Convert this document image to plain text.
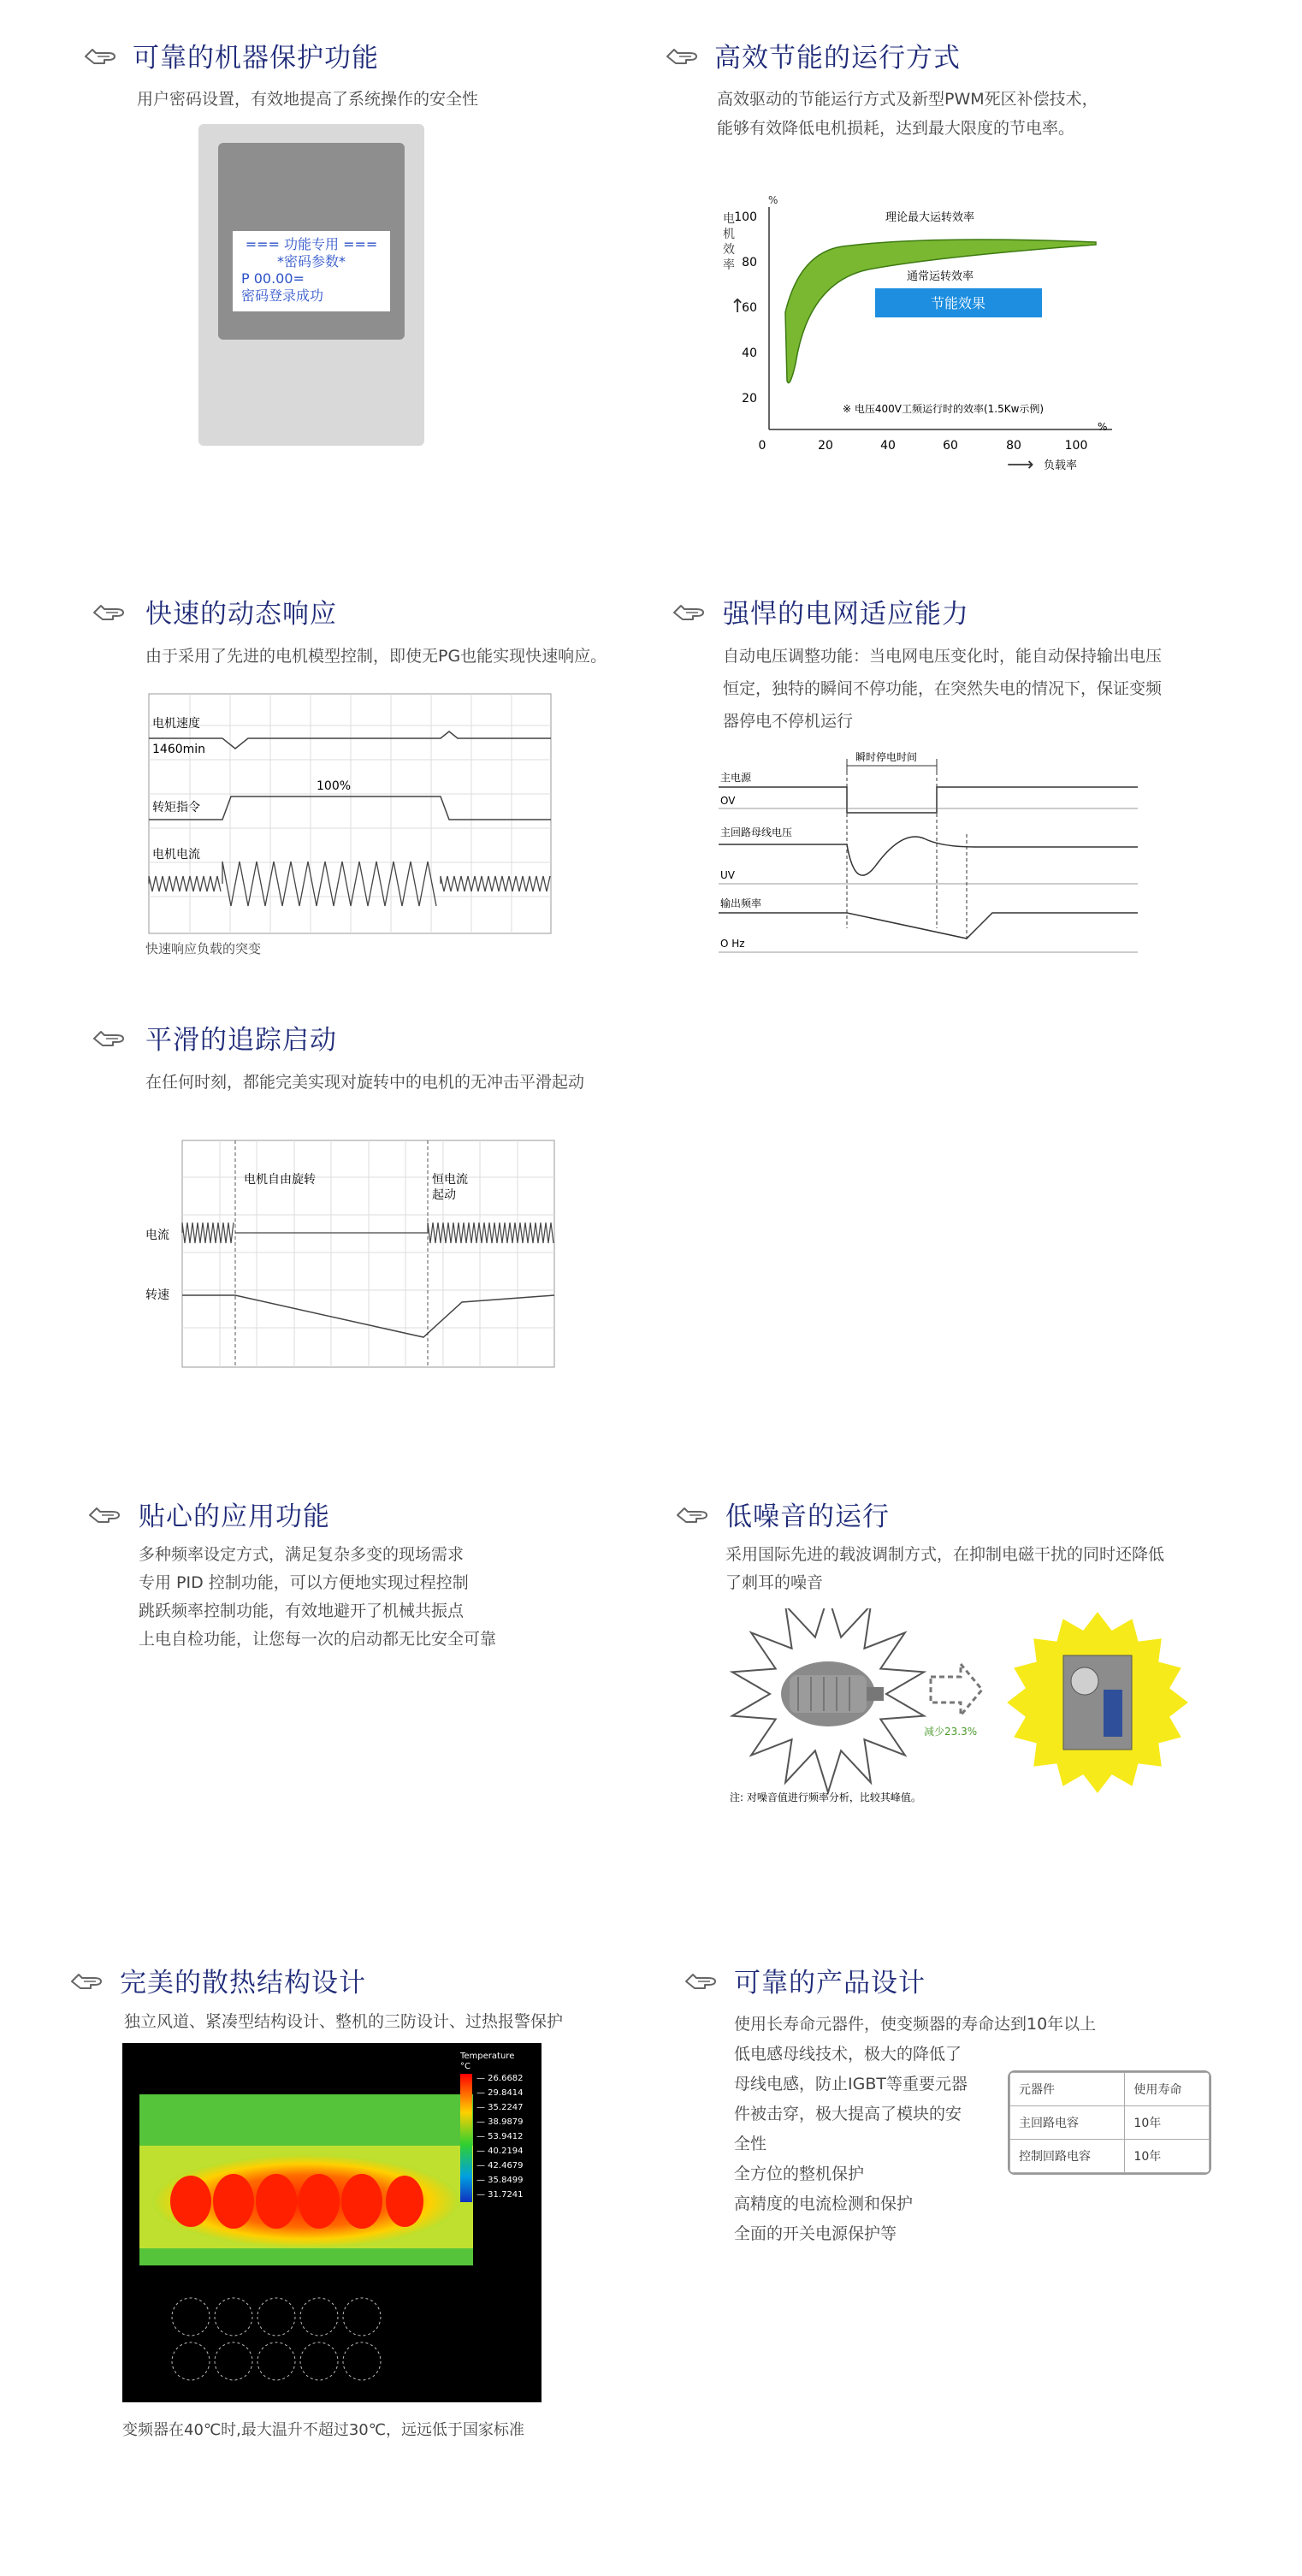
可靠的机器保护功能
用户密码设置，有效地提高了系统操作的安全性
=== 功能专用 ===
*密码参数*
P 00.00=
密码登录成功
高效节能的运行方式
高效驱动的节能运行方式及新型PWM死区补偿技术，
能够有效降低电机损耗，达到最大限度的节电率。
电
机
效
率
↑
%
100
80
60
40
20
0	20	40	60	80	100
%
⟶ 负载率
理论最大运转效率
通常运转效率
节能效果
※ 电压400V工频运行时的效率(1.5Kw示例)
快速的动态响应
由于采用了先进的电机模型控制，即使无PG也能实现快速响应。
电机速度
1460min
100%
转矩指令
电机电流
快速响应负载的突变
强悍的电网适应能力
自动电压调整功能：当电网电压变化时，能自动保持输出电压
恒定，独特的瞬间不停功能，在突然失电的情况下，保证变频
器停电不停机运行
瞬时停电时间
主电源
OV
主回路母线电压
UV
输出频率
O Hz
平滑的追踪启动
在任何时刻，都能完美实现对旋转中的电机的无冲击平滑起动
电机自由旋转	恒电流
起动
电流
转速
贴心的应用功能
多种频率设定方式，满足复杂多变的现场需求
专用 PID 控制功能，可以方便地实现过程控制
跳跃频率控制功能，有效地避开了机械共振点
上电自检功能，让您每一次的启动都无比安全可靠
低噪音的运行
采用国际先进的载波调制方式，在抑制电磁干扰的同时还降低
了刺耳的噪音
减少23.3%
注: 对噪音值进行频率分析，比较其峰值。
完美的散热结构设计
独立风道、紧凑型结构设计、整机的三防设计、过热报警保护
Temperature
°C
— 26.6682
— 29.8414
— 35.2247
— 38.9879
— 53.9412
— 40.2194
— 42.4679
— 35.8499
— 31.7241
变频器在40℃时,最大温升不超过30℃，远远低于国家标准
可靠的产品设计
使用长寿命元器件，使变频器的寿命达到10年以上
低电感母线技术，极大的降低了
母线电感，防止IGBT等重要元器
件被击穿，极大提高了模块的安
全性
全方位的整机保护
高精度的电流检测和保护
全面的开关电源保护等
元器件	使用寿命
主回路电容	10年
控制回路电容	10年
